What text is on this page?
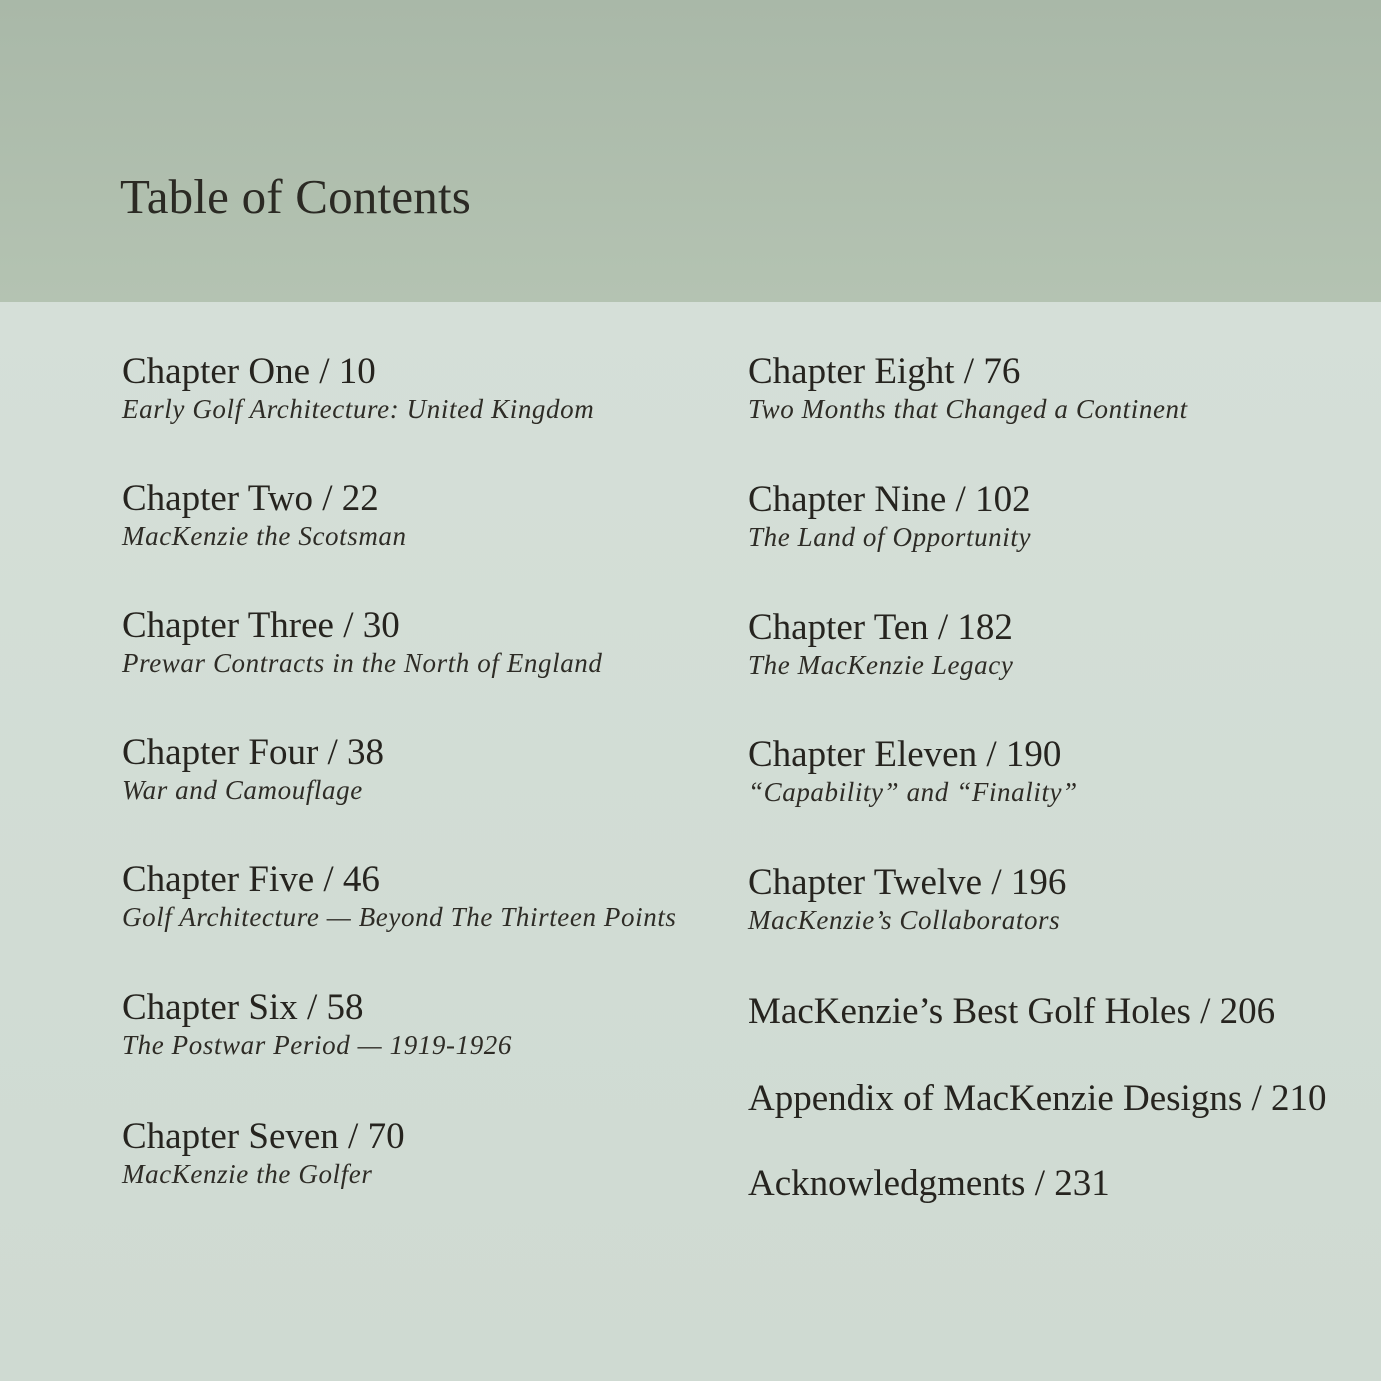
Table of Contents
Chapter One / 10
Early Golf Architecture: United Kingdom
Chapter Two / 22
MacKenzie the Scotsman
Chapter Three / 30
Prewar Contracts in the North of England
Chapter Four / 38
War and Camouflage
Chapter Five / 46
Golf Architecture — Beyond The Thirteen Points
Chapter Six / 58
The Postwar Period — 1919-1926
Chapter Seven / 70
MacKenzie the Golfer
Chapter Eight / 76
Two Months that Changed a Continent
Chapter Nine / 102
The Land of Opportunity
Chapter Ten / 182
The MacKenzie Legacy
Chapter Eleven / 190
“Capability” and “Finality”
Chapter Twelve / 196
MacKenzie’s Collaborators
MacKenzie’s Best Golf Holes / 206
Appendix of MacKenzie Designs / 210
Acknowledgments / 231
